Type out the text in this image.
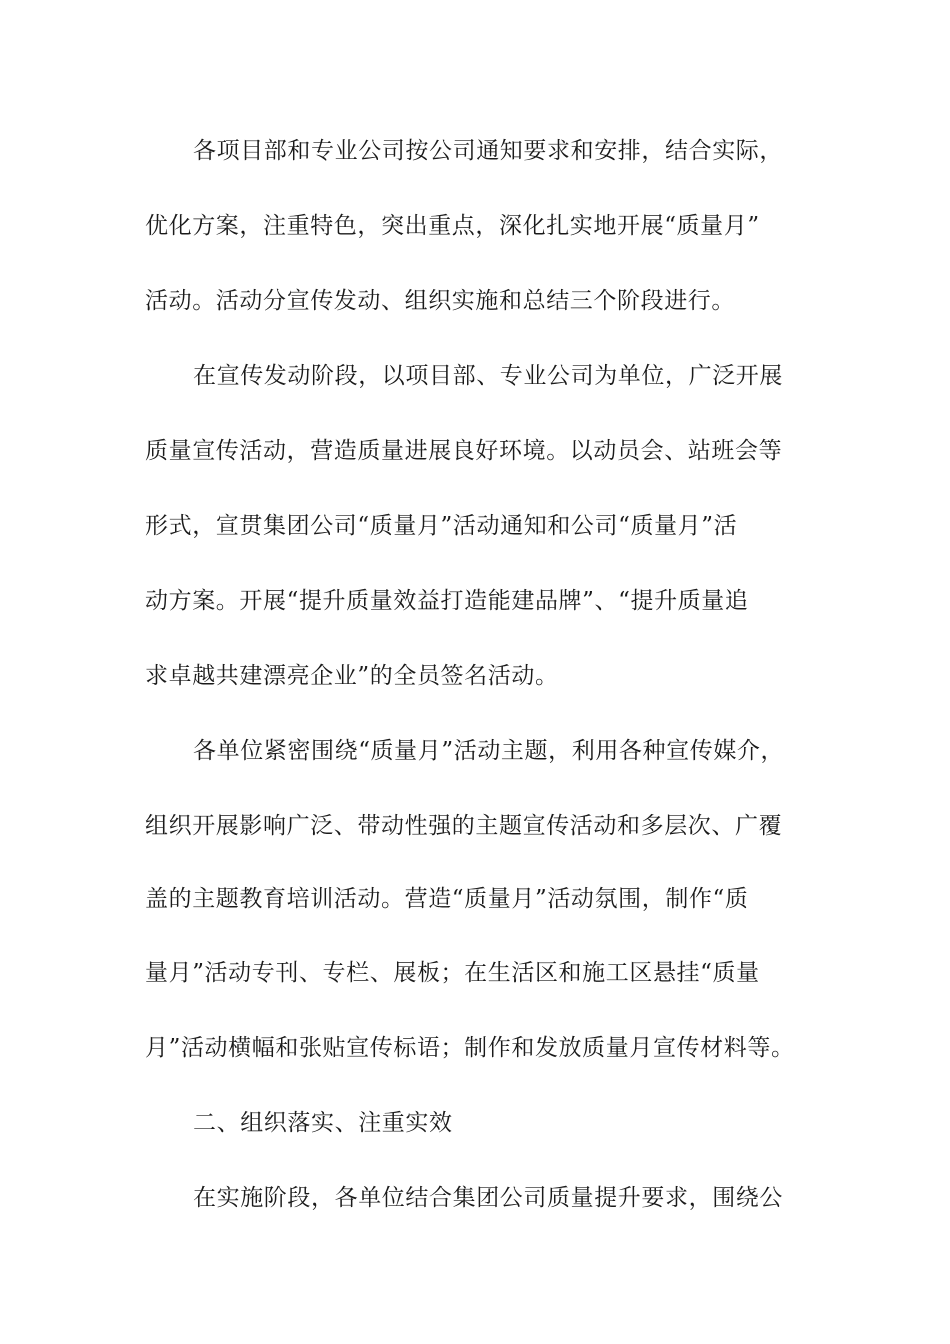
各项目部和专业公司按公司通知要求和安排，结合实际，
优化方案，注重特色，突出重点，深化扎实地开展“质量月”
活动。活动分宣传发动、组织实施和总结三个阶段进行。
在宣传发动阶段，以项目部、专业公司为单位，广泛开展
质量宣传活动，营造质量进展良好环境。以动员会、站班会等
形式，宣贯集团公司“质量月”活动通知和公司“质量月”活
动方案。开展“提升质量效益打造能建品牌”、“提升质量追
求卓越共建漂亮企业”的全员签名活动。
各单位紧密围绕“质量月”活动主题，利用各种宣传媒介，
组织开展影响广泛、带动性强的主题宣传活动和多层次、广覆
盖的主题教育培训活动。营造“质量月”活动氛围，制作“质
量月”活动专刊、专栏、展板；在生活区和施工区悬挂“质量
月”活动横幅和张贴宣传标语；制作和发放质量月宣传材料等。
二、组织落实、注重实效
在实施阶段，各单位结合集团公司质量提升要求，围绕公
